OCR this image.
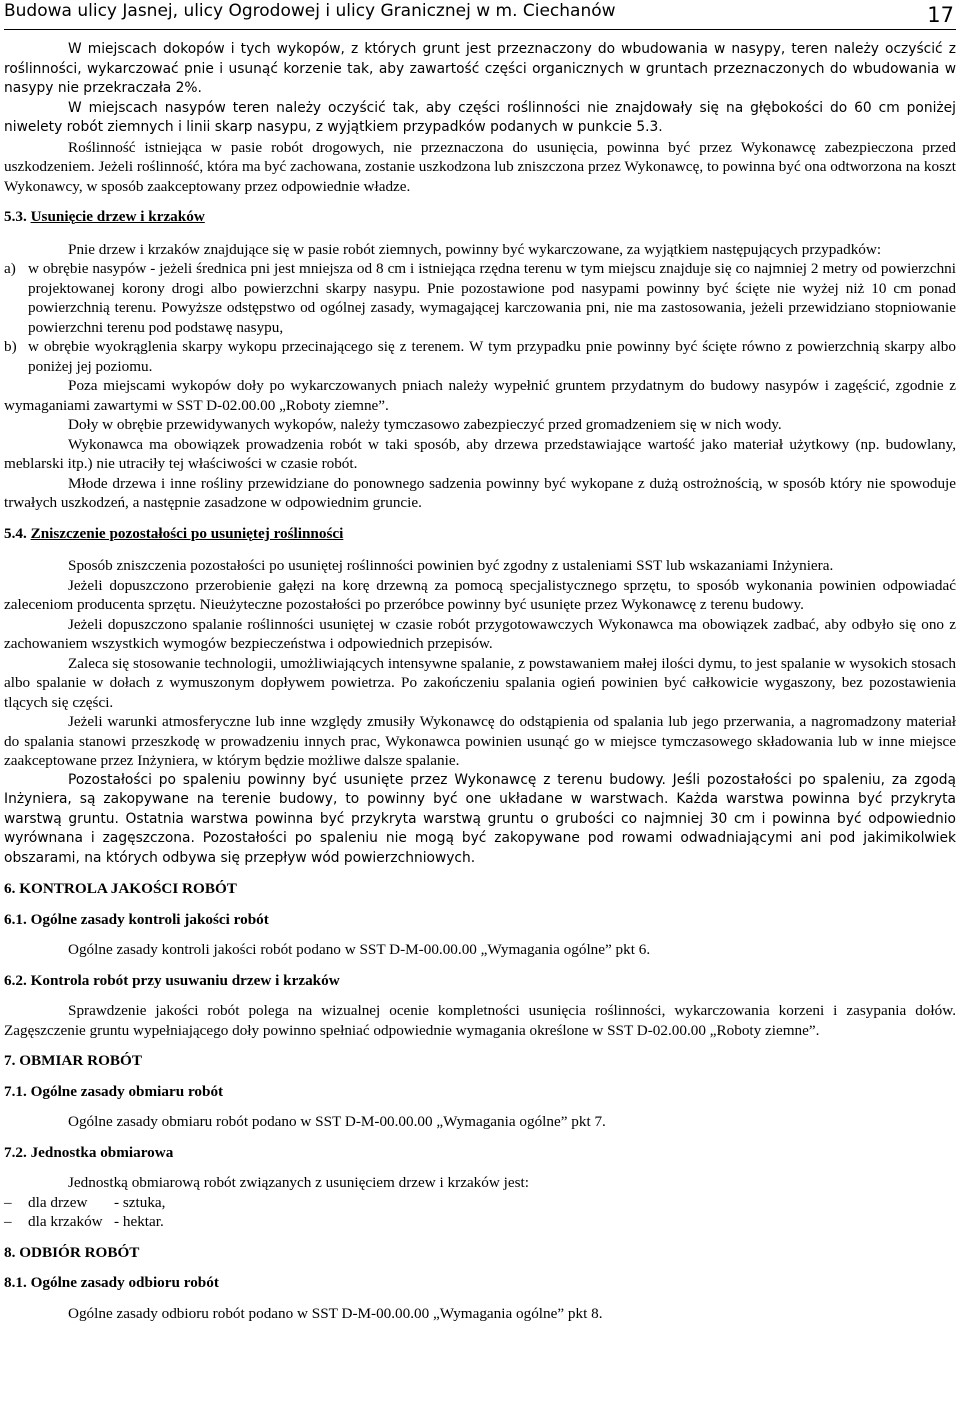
Budowa ulicy Jasnej, ulicy Ogrodowej i ulicy Granicznej w m. Ciechanów	17

W miejscach dokopów i tych wykopów, z których grunt jest przeznaczony do wbudowania w nasypy, teren należy oczyścić z roślinności, wykarczować pnie i usunąć korzenie tak, aby zawartość części organicznych w gruntach przeznaczonych do wbudowania w nasypy nie przekraczała 2%.

W miejscach nasypów teren należy oczyścić tak, aby części roślinności nie znajdowały się na głębokości do 60 cm poniżej niwelety robót ziemnych i linii skarp nasypu, z wyjątkiem przypadków podanych w punkcie 5.3.

Roślinność istniejąca w pasie robót drogowych, nie przeznaczona do usunięcia, powinna być przez Wykonawcę zabezpieczona przed uszkodzeniem. Jeżeli roślinność, która ma być zachowana, zostanie uszkodzona lub zniszczona przez Wykonawcę, to powinna być ona odtworzona na koszt Wykonawcy, w sposób zaakceptowany przez odpowiednie władze.

5.3. Usunięcie drzew i krzaków

Pnie drzew i krzaków znajdujące się w pasie robót ziemnych, powinny być wykarczowane, za wyjątkiem następujących przypadków:

a) w obrębie nasypów - jeżeli średnica pni jest mniejsza od 8 cm i istniejąca rzędna terenu w tym miejscu znajduje się co najmniej 2 metry od powierzchni projektowanej korony drogi albo powierzchni skarpy nasypu. Pnie pozostawione pod nasypami powinny być ścięte nie wyżej niż 10 cm ponad powierzchnią terenu. Powyższe odstępstwo od ogólnej zasady, wymagającej karczowania pni, nie ma zastosowania, jeżeli przewidziano stopniowanie powierzchni terenu pod podstawę nasypu,
b) w obrębie wyokrąglenia skarpy wykopu przecinającego się z terenem. W tym przypadku pnie powinny być ścięte równo z powierzchnią skarpy albo poniżej jej poziomu.

Poza miejscami wykopów doły po wykarczowanych pniach należy wypełnić gruntem przydatnym do budowy nasypów i zagęścić, zgodnie z wymaganiami zawartymi w SST D-02.00.00 „Roboty ziemne”.

Doły w obrębie przewidywanych wykopów, należy tymczasowo zabezpieczyć przed gromadzeniem się w nich wody.

Wykonawca ma obowiązek prowadzenia robót w taki sposób, aby drzewa przedstawiające wartość jako materiał użytkowy (np. budowlany, meblarski itp.) nie utraciły tej właściwości w czasie robót.

Młode drzewa i inne rośliny przewidziane do ponownego sadzenia powinny być wykopane z dużą ostrożnością, w sposób który nie spowoduje trwałych uszkodzeń, a następnie zasadzone w odpowiednim gruncie.

5.4. Zniszczenie pozostałości po usuniętej roślinności

Sposób zniszczenia pozostałości po usuniętej roślinności powinien być zgodny z ustaleniami SST lub wskazaniami Inżyniera.

Jeżeli dopuszczono przerobienie gałęzi na korę drzewną za pomocą specjalistycznego sprzętu, to sposób wykonania powinien odpowiadać zaleceniom producenta sprzętu. Nieużyteczne pozostałości po przeróbce powinny być usunięte przez Wykonawcę z terenu budowy.

Jeżeli dopuszczono spalanie roślinności usuniętej w czasie robót przygotowawczych Wykonawca ma obowiązek zadbać, aby odbyło się ono z zachowaniem wszystkich wymogów bezpieczeństwa i odpowiednich przepisów.

Zaleca się stosowanie technologii, umożliwiających intensywne spalanie, z powstawaniem małej ilości dymu, to jest spalanie w wysokich stosach albo spalanie w dołach z wymuszonym dopływem powietrza. Po zakończeniu spalania ogień powinien być całkowicie wygaszony, bez pozostawienia tlących się części.

Jeżeli warunki atmosferyczne lub inne względy zmusiły Wykonawcę do odstąpienia od spalania lub jego przerwania, a nagromadzony materiał do spalania stanowi przeszkodę w prowadzeniu innych prac, Wykonawca powinien usunąć go w miejsce tymczasowego składowania lub w inne miejsce zaakceptowane przez Inżyniera, w którym będzie możliwe dalsze spalanie.

Pozostałości po spaleniu powinny być usunięte przez Wykonawcę z terenu budowy. Jeśli pozostałości po spaleniu, za zgodą Inżyniera, są zakopywane na terenie budowy, to powinny być one układane w warstwach. Każda warstwa powinna być przykryta warstwą gruntu. Ostatnia warstwa powinna być przykryta warstwą gruntu o grubości co najmniej 30 cm i powinna być odpowiednio wyrównana i zagęszczona. Pozostałości po spaleniu nie mogą być zakopywane pod rowami odwadniającymi ani pod jakimikolwiek obszarami, na których odbywa się przepływ wód powierzchniowych.

6. KONTROLA JAKOŚCI ROBÓT

6.1. Ogólne zasady kontroli jakości robót

Ogólne zasady kontroli jakości robót podano w SST D-M-00.00.00 „Wymagania ogólne” pkt 6.

6.2. Kontrola robót przy usuwaniu drzew i krzaków

Sprawdzenie jakości robót polega na wizualnej ocenie kompletności usunięcia roślinności, wykarczowania korzeni i zasypania dołów. Zagęszczenie gruntu wypełniającego doły powinno spełniać odpowiednie wymagania określone w SST D-02.00.00 „Roboty ziemne”.

7. OBMIAR ROBÓT

7.1. Ogólne zasady obmiaru robót

Ogólne zasady obmiaru robót podano w SST D-M-00.00.00 „Wymagania ogólne” pkt 7.

7.2. Jednostka obmiarowa

Jednostką obmiarową robót związanych z usunięciem drzew i krzaków jest:

–	dla drzew	- sztuka,
–	dla krzaków - hektar.

8. ODBIÓR ROBÓT

8.1. Ogólne zasady odbioru robót

Ogólne zasady odbioru robót podano w SST D-M-00.00.00 „Wymagania ogólne” pkt 8.
